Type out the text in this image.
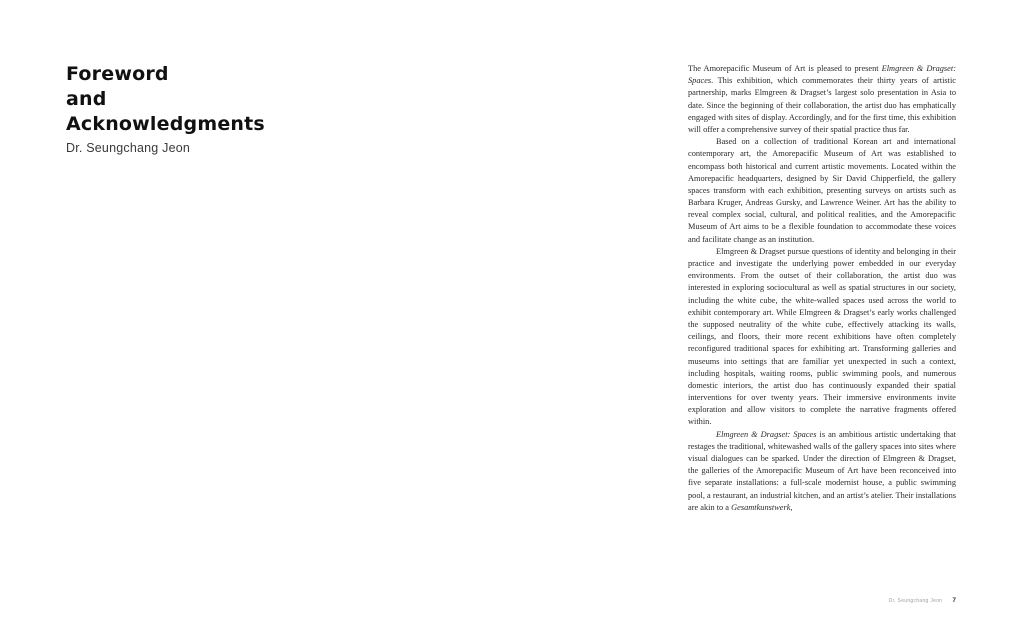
Foreword
and
Acknowledgments
Dr. Seungchang Jeon

The Amorepacific Museum of Art is pleased to present Elmgreen & Dragset: Spaces. This exhibition, which commemorates their thirty years of artistic partnership, marks Elmgreen & Dragset’s largest solo presentation in Asia to date. Since the beginning of their collaboration, the artist duo has emphatically engaged with sites of display. Accordingly, and for the first time, this exhibition will offer a comprehensive survey of their spatial practice thus far.

Based on a collection of traditional Korean art and international contemporary art, the Amorepacific Museum of Art was established to encompass both historical and current artistic movements. Located within the Amorepacific headquarters, designed by Sir David Chipperfield, the gallery spaces transform with each exhibition, presenting surveys on artists such as Barbara Kruger, Andreas Gursky, and Lawrence Weiner. Art has the ability to reveal complex social, cultural, and political realities, and the Amorepacific Museum of Art aims to be a flexible foundation to accommodate these voices and facilitate change as an institution.

Elmgreen & Dragset pursue questions of identity and belonging in their practice and investigate the underlying power embedded in our everyday environments. From the outset of their collaboration, the artist duo was interested in exploring sociocultural as well as spatial structures in our society, including the white cube, the white-walled spaces used across the world to exhibit contemporary art. While Elmgreen & Dragset’s early works challenged the supposed neutrality of the white cube, effectively attacking its walls, ceilings, and floors, their more recent exhibitions have often completely reconfigured traditional spaces for exhibiting art. Transforming galleries and museums into settings that are familiar yet unexpected in such a context, including hospitals, waiting rooms, public swimming pools, and numerous domestic interiors, the artist duo has continuously expanded their spatial interventions for over twenty years. Their immersive environments invite exploration and allow visitors to complete the narrative fragments offered within.

Elmgreen & Dragset: Spaces is an ambitious artistic undertaking that restages the traditional, whitewashed walls of the gallery spaces into sites where visual dialogues can be sparked. Under the direction of Elmgreen & Dragset, the galleries of the Amorepacific Museum of Art have been reconceived into five separate installations: a full-scale modernist house, a public swimming pool, a restaurant, an industrial kitchen, and an artist’s atelier. Their installations are akin to a Gesamtkunstwerk,

Dr. Seungchang Jeon 7
